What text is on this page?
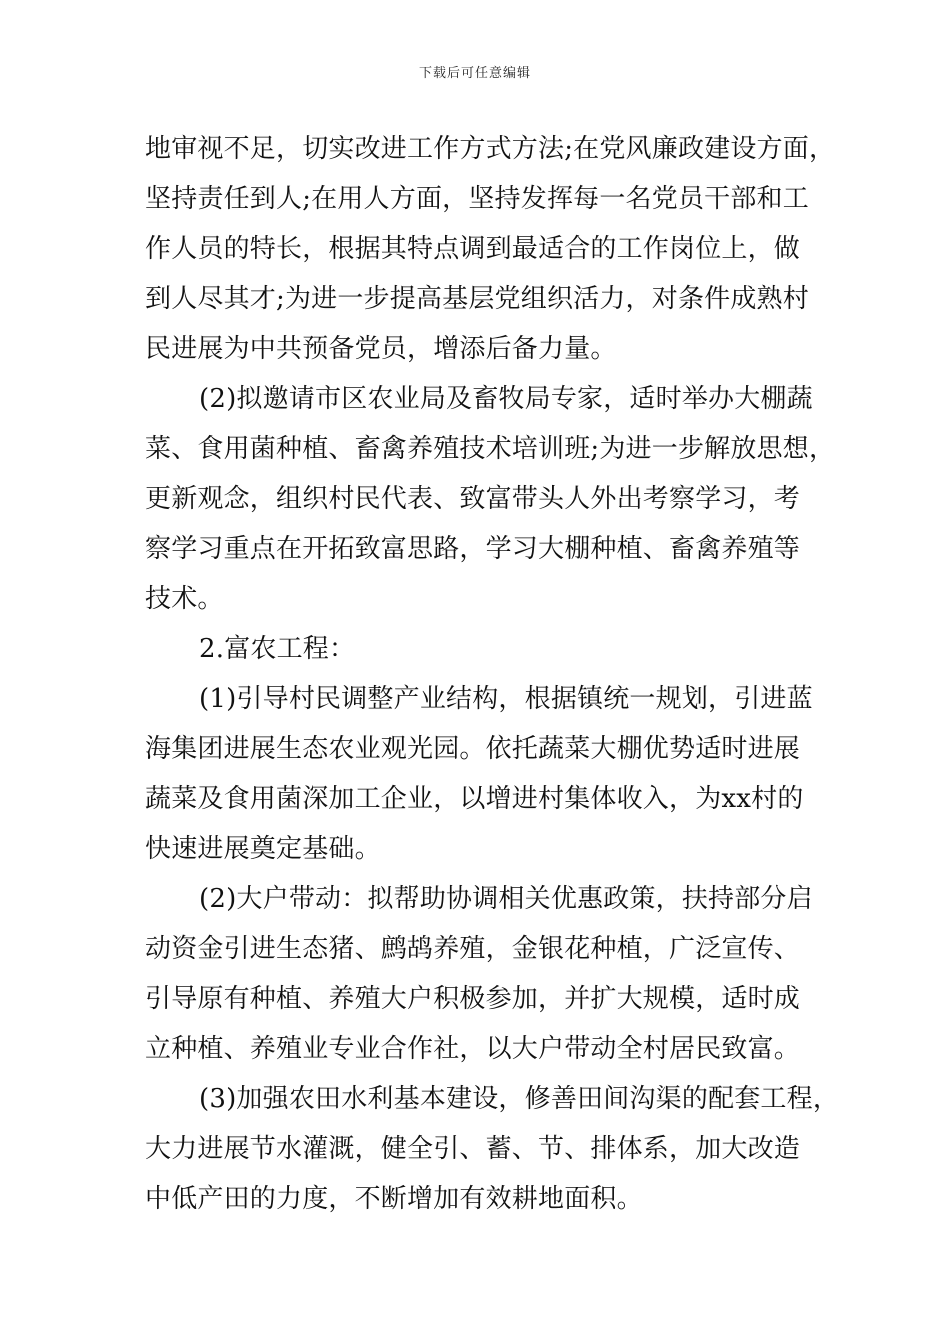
下载后可任意编辑
地审视不足，切实改进工作方式方法;在党风廉政建设方面，
坚持责任到人;在用人方面，坚持发挥每一名党员干部和工
作人员的特长，根据其特点调到最适合的工作岗位上，做
到人尽其才;为进一步提高基层党组织活力，对条件成熟村
民进展为中共预备党员，增添后备力量。
(2)拟邀请市区农业局及畜牧局专家，适时举办大棚蔬
菜、食用菌种植、畜禽养殖技术培训班;为进一步解放思想，
更新观念，组织村民代表、致富带头人外出考察学习，考
察学习重点在开拓致富思路，学习大棚种植、畜禽养殖等
技术。
2.富农工程：
(1)引导村民调整产业结构，根据镇统一规划，引进蓝
海集团进展生态农业观光园。依托蔬菜大棚优势适时进展
蔬菜及食用菌深加工企业，以增进村集体收入，为xx村的
快速进展奠定基础。
(2)大户带动：拟帮助协调相关优惠政策，扶持部分启
动资金引进生态猪、鹧鸪养殖，金银花种植，广泛宣传、
引导原有种植、养殖大户积极参加，并扩大规模，适时成
立种植、养殖业专业合作社，以大户带动全村居民致富。
(3)加强农田水利基本建设，修善田间沟渠的配套工程，
大力进展节水灌溉，健全引、蓄、节、排体系，加大改造
中低产田的力度，不断增加有效耕地面积。
